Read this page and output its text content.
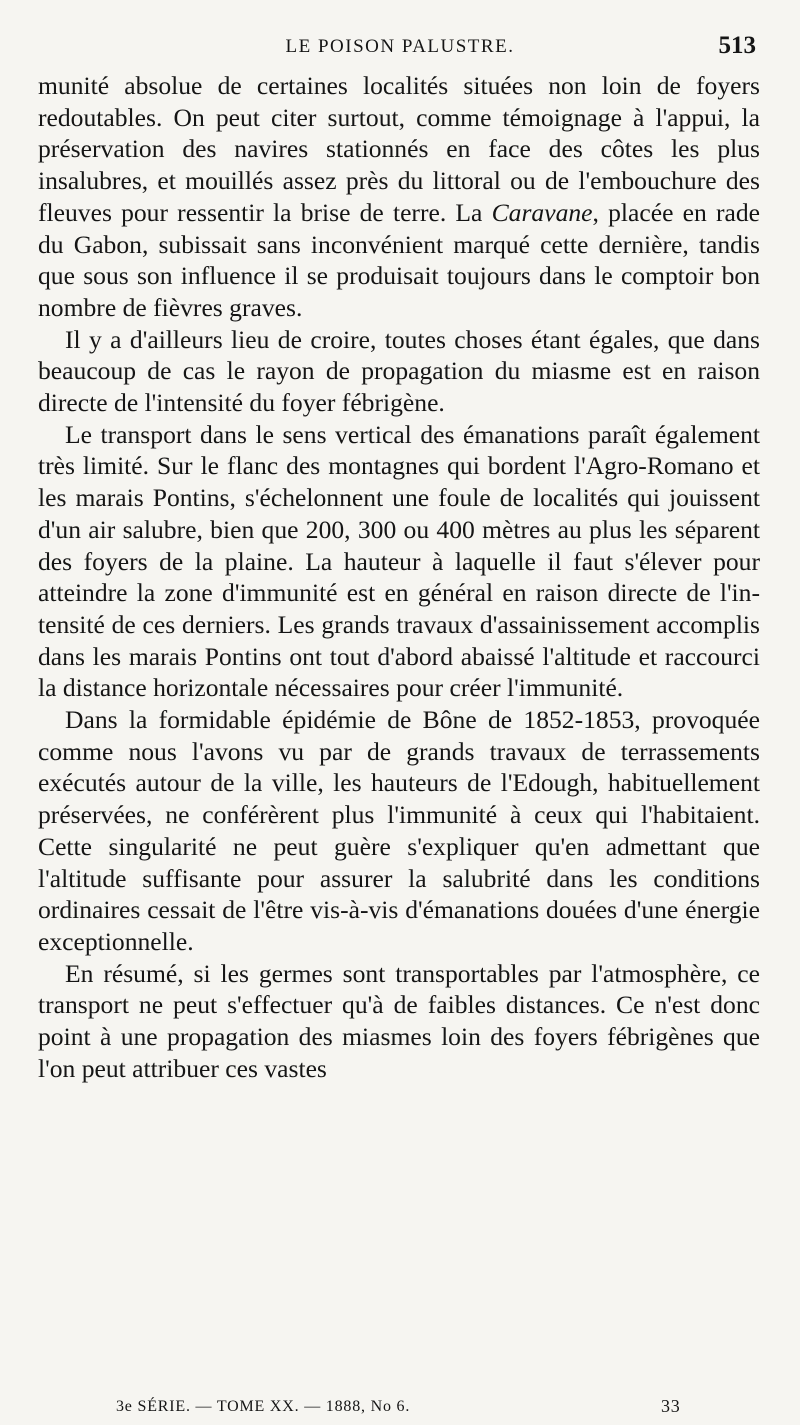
LE POISON PALUSTRE.	513

munité absolue de certaines localités situées non loin de foyers redoutables. On peut citer surtout, comme témoignage à l'appui, la préservation des navires stationnés en face des côtes les plus insalubres, et mouillés assez près du littoral ou de l'embouchure des fleuves pour ressentir la brise de terre. La Caravane, placée en rade du Gabon, subissait sans inconvénient marqué cette dernière, tandis que sous son influence il se produisait toujours dans le comptoir bon nombre de fièvres graves.

Il y a d'ailleurs lieu de croire, toutes choses étant égales, que dans beaucoup de cas le rayon de propagation du miasme est en raison directe de l'intensité du foyer fébrigène.

Le transport dans le sens vertical des émanations paraît également très limité. Sur le flanc des montagnes qui bordent l'Agro-Romano et les marais Pontins, s'échelonnent une foule de localités qui jouissent d'un air salubre, bien que 200, 300 ou 400 mètres au plus les séparent des foyers de la plaine. La hauteur à laquelle il faut s'élever pour atteindre la zone d'immunité est en général en raison directe de l'intensité de ces derniers. Les grands travaux d'assainissement accomplis dans les marais Pontins ont tout d'abord abaissé l'altitude et raccourci la distance horizontale nécessaires pour créer l'immunité.

Dans la formidable épidémie de Bône de 1852-1853, provoquée comme nous l'avons vu par de grands travaux de terrassements exécutés autour de la ville, les hauteurs de l'Edough, habituellement préservées, ne conférèrent plus l'immunité à ceux qui l'habitaient. Cette singularité ne peut guère s'expliquer qu'en admettant que l'altitude suffisante pour assurer la salubrité dans les conditions ordinaires cessait de l'être vis-à-vis d'émanations douées d'une énergie exceptionnelle.

En résumé, si les germes sont transportables par l'atmosphère, ce transport ne peut s'effectuer qu'à de faibles distances. Ce n'est donc point à une propagation des miasmes loin des foyers fébrigènes que l'on peut attribuer ces vastes

3e SÉRIE. — TOME XX. — 1888, No 6.	33
